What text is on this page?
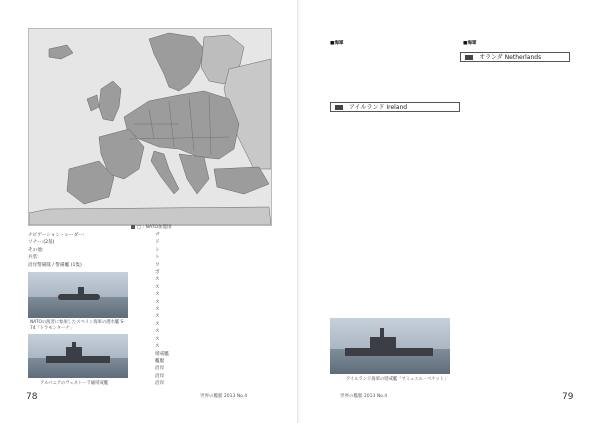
□ : NATO加盟国
ナビゲーション・レーダー:
ソナー:(2基)
その他:
兵装:
沿岸警備隊 / 警備艦 (1隻)
NATOの演習に参加したスペイン海軍の潜水艦 S-74「トラモンターナ」
アルバニアのヴェネトーラ級哨戒艦
ヴ
ド
ト
ト
ワ
ボ
ス
ス
ス
ス
ス
ス
ス
ス
ス
ス
哨戒艦
艦艇
沿岸
沿岸
沿岸
78	世界の艦艇 2013 No.4
■海軍
アイルランド Ireland
アイルランド海軍の哨戒艦「サミュエル・ベケット」
■海軍
オランダ Netherlands
世界の艦艇 2013 No.4	79
